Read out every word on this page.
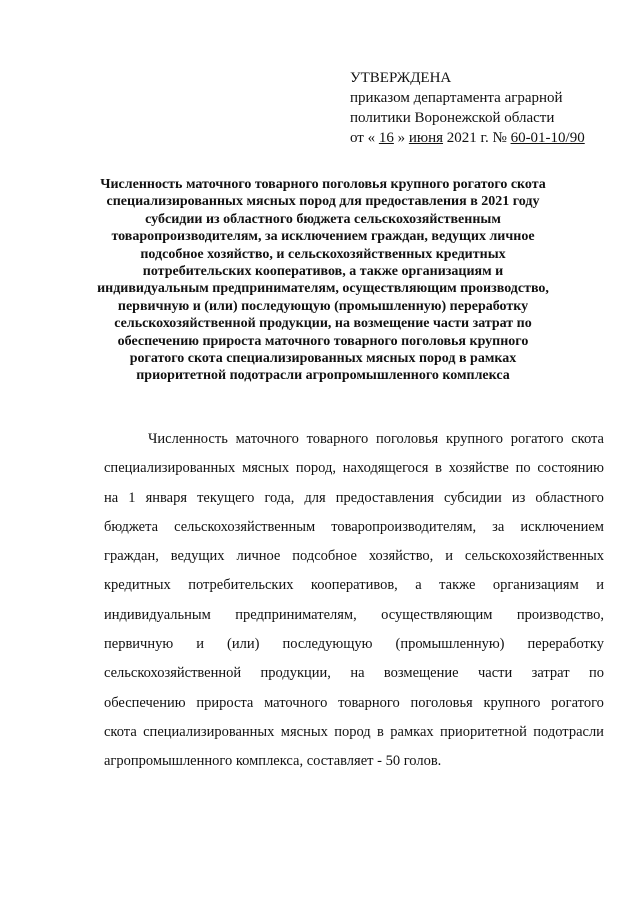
УТВЕРЖДЕНА
приказом департамента аграрной
политики Воронежской области
от « 16 » июня 2021 г. № 60-01-10/90
Численность маточного товарного поголовья крупного рогатого скота
специализированных мясных пород для предоставления в 2021 году
субсидии из областного бюджета сельскохозяйственным
товаропроизводителям, за исключением граждан, ведущих личное
подсобное хозяйство, и сельскохозяйственных кредитных
потребительских кооперативов, а также организациям и
индивидуальным предпринимателям, осуществляющим производство,
первичную и (или) последующую (промышленную) переработку
сельскохозяйственной продукции, на возмещение части затрат по
обеспечению прироста маточного товарного поголовья крупного
рогатого скота специализированных мясных пород в рамках
приоритетной подотрасли агропромышленного комплекса
Численность маточного товарного поголовья крупного рогатого скота
специализированных мясных пород, находящегося в хозяйстве по состоянию
на 1 января текущего года, для предоставления субсидии из областного
бюджета сельскохозяйственным товаропроизводителям, за исключением
граждан, ведущих личное подсобное хозяйство, и сельскохозяйственных
кредитных потребительских кооперативов, а также организациям и
индивидуальным предпринимателям, осуществляющим производство,
первичную и (или) последующую (промышленную) переработку
сельскохозяйственной продукции, на возмещение части затрат по
обеспечению прироста маточного товарного поголовья крупного рогатого
скота специализированных мясных пород в рамках приоритетной подотрасли
агропромышленного комплекса, составляет - 50 голов.
